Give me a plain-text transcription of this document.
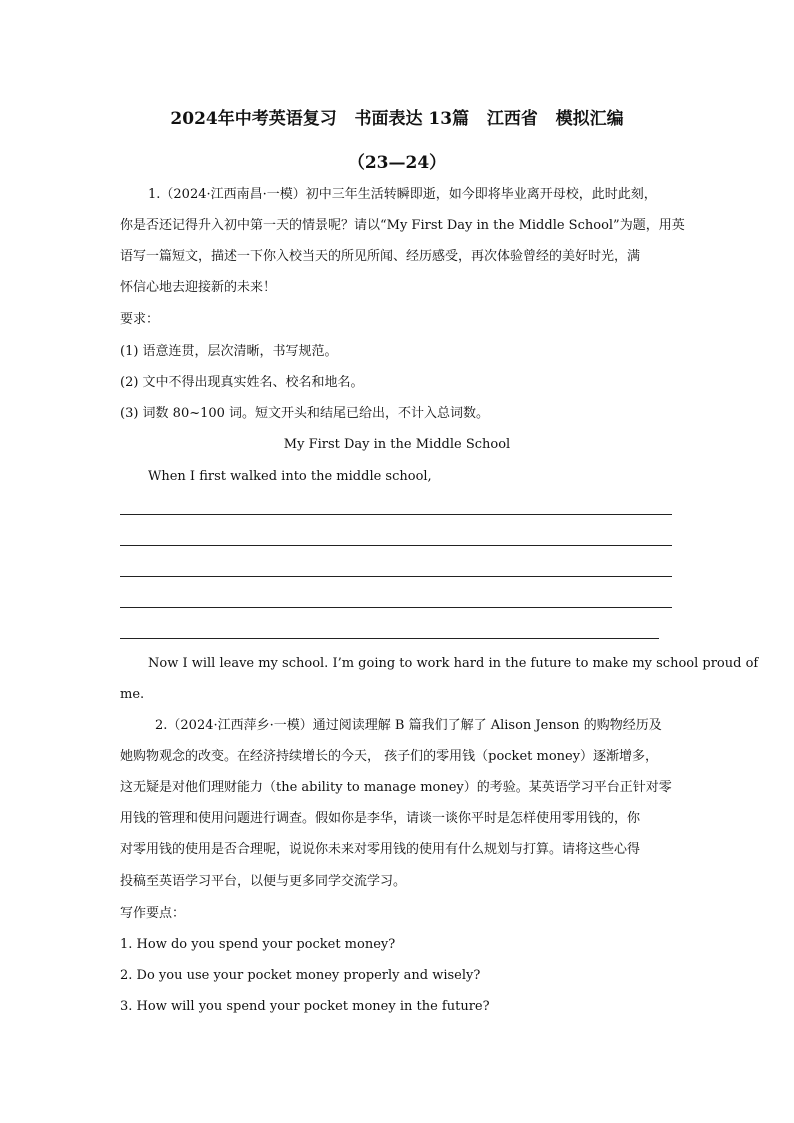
2024年中考英语复习   书面表达 13篇   江西省   模拟汇编
（23—24）
1.（2024·江西南昌·一模）初中三年生活转瞬即逝，如今即将毕业离开母校，此时此刻，
你是否还记得升入初中第一天的情景呢？请以“My First Day in the Middle School”为题，用英
语写一篇短文，描述一下你入校当天的所见所闻、经历感受，再次体验曾经的美好时光，满
怀信心地去迎接新的未来！
要求：
(1) 语意连贯，层次清晰，书写规范。
(2) 文中不得出现真实姓名、校名和地名。
(3) 词数 80~100 词。短文开头和结尾已给出，不计入总词数。
My First Day in the Middle School
When I first walked into the middle school,
Now I will leave my school. I’m going to work hard in the future to make my school proud of
me.
2.（2024·江西萍乡·一模）通过阅读理解 B 篇我们了解了 Alison Jenson 的购物经历及
她购物观念的改变。在经济持续增长的今天， 孩子们的零用钱（pocket money）逐渐增多，
这无疑是对他们理财能力（the ability to manage money）的考验。某英语学习平台正针对零
用钱的管理和使用问题进行调查。假如你是李华，请谈一谈你平时是怎样使用零用钱的，你
对零用钱的使用是否合理呢，说说你未来对零用钱的使用有什么规划与打算。请将这些心得
投稿至英语学习平台，以便与更多同学交流学习。
写作要点：
1. How do you spend your pocket money?
2. Do you use your pocket money properly and wisely?
3. How will you spend your pocket money in the future?
